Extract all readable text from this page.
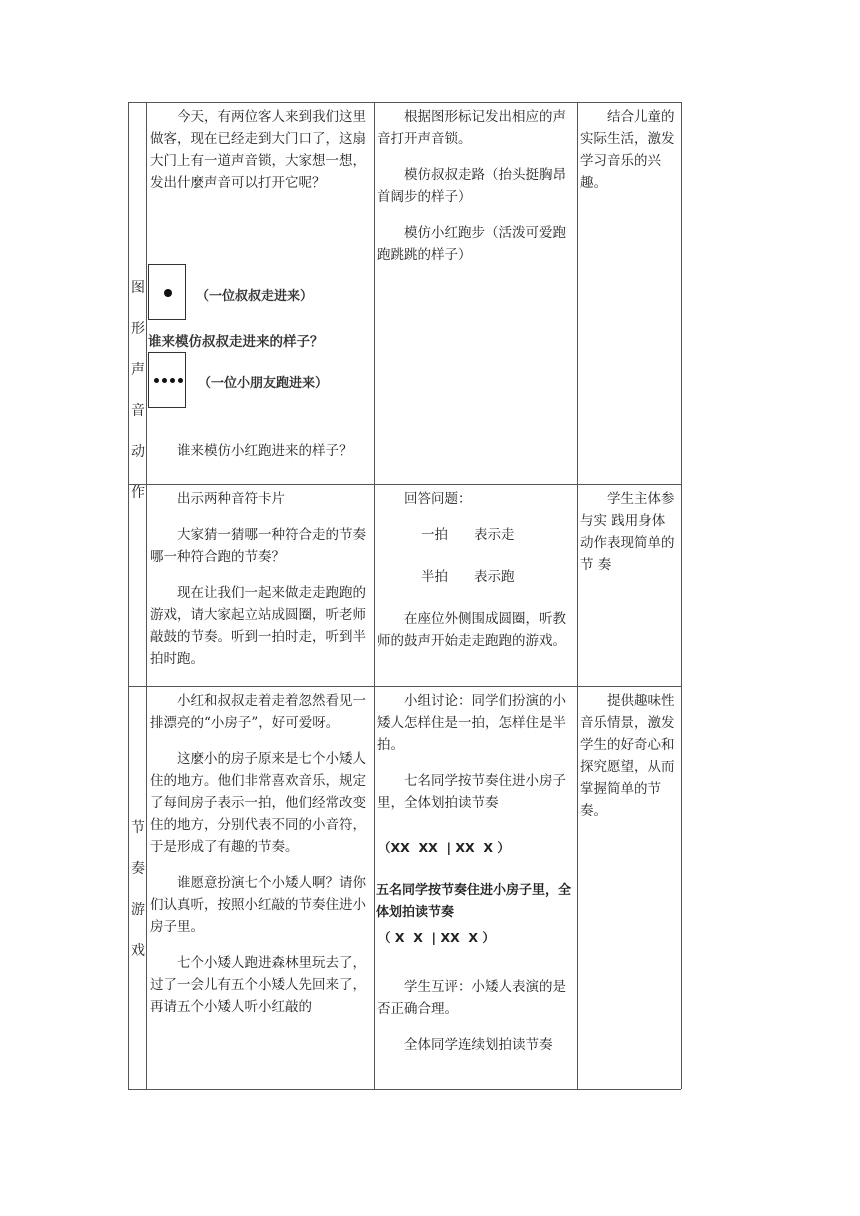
图
形
声
音
动
作

今天，有两位客人来到我们这里做客，现在已经走到大门口了，这扇大门上有一道声音锁，大家想一想，发出什麼声音可以打开它呢？

（一位叔叔走进来）
谁来模仿叔叔走进来的样子？
（一位小朋友跑进来）

谁来模仿小红跑进来的样子？

根据图形标记发出相应的声音打开声音锁。

模仿叔叔走路（抬头挺胸昂首阔步的样子）

模仿小红跑步（活泼可爱跑跑跳跳的样子）

结合儿童的实际生活，激发学习音乐的兴趣。

出示两种音符卡片

大家猜一猜哪一种符合走的节奏哪一种符合跑的节奏？

现在让我们一起来做走走跑跑的游戏，请大家起立站成圆圈，听老师敲鼓的节奏。听到一拍时走，听到半拍时跑。

回答问题：

一拍 表示走
半拍 表示跑

在座位外侧围成圆圈，听教师的鼓声开始走走跑跑的游戏。

学生主体参与实 践用身体动作表现简单的节 奏

节
奏
游
戏

小红和叔叔走着走着忽然看见一排漂亮的“小房子”，好可爱呀。

这麼小的房子原来是七个小矮人住的地方。他们非常喜欢音乐，规定了每间房子表示一拍，他们经常改变住的地方，分别代表不同的小音符，于是形成了有趣的节奏。

谁愿意扮演七个小矮人啊？请你们认真听，按照小红敲的节奏住进小房子里。

七个小矮人跑进森林里玩去了，过了一会儿有五个小矮人先回来了，再请五个小矮人听小红敲的

小组讨论：同学们扮演的小矮人怎样住是一拍，怎样住是半拍。

七名同学按节奏住进小房子里，全体划拍读节奏

（XX  XX  | XX  X ）
五名同学按节奏住进小房子里，全体划拍读节奏
（ X  X  | XX  X ）

学生互评：小矮人表演的是否正确合理。

全体同学连续划拍读节奏

提供趣味性音乐情景，激发学生的好奇心和探究愿望，从而掌握简单的节奏。
